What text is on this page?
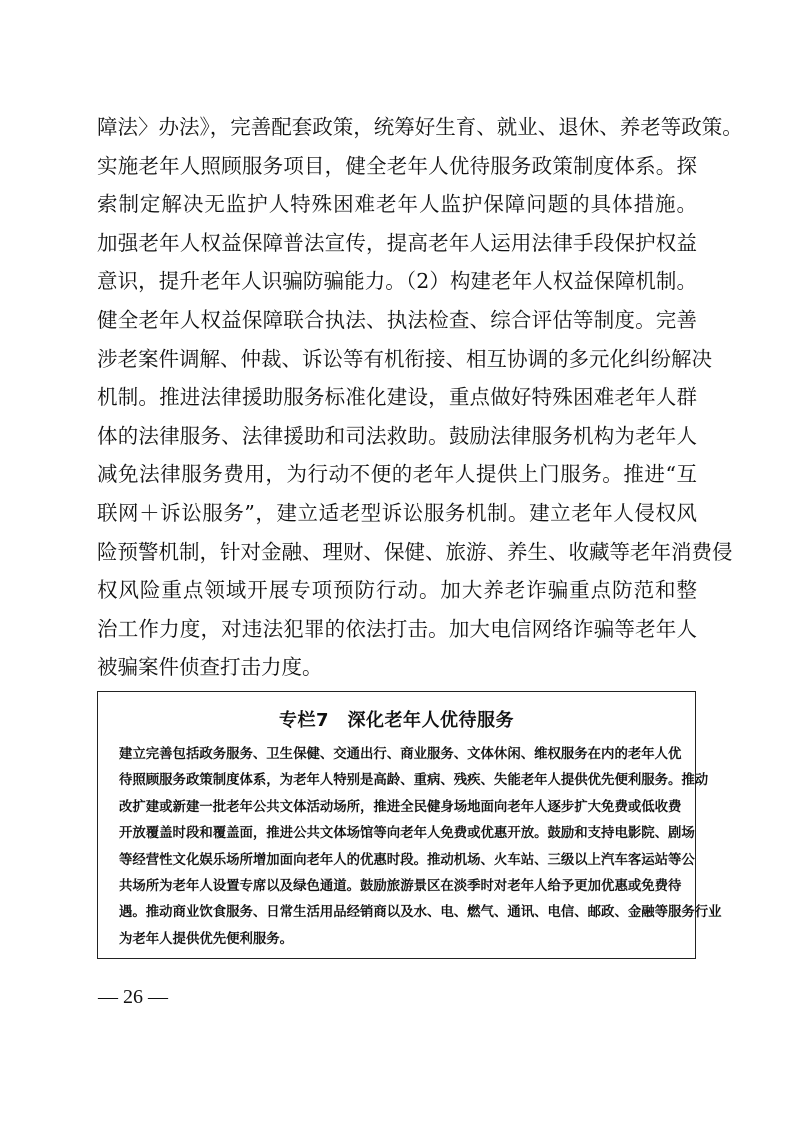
障法〉办法》，完善配套政策，统筹好生育、就业、退休、养老等政策。
实施老年人照顾服务项目，健全老年人优待服务政策制度体系。探
索制定解决无监护人特殊困难老年人监护保障问题的具体措施。
加强老年人权益保障普法宣传，提高老年人运用法律手段保护权益
意识，提升老年人识骗防骗能力。（2）构建老年人权益保障机制。
健全老年人权益保障联合执法、执法检查、综合评估等制度。完善
涉老案件调解、仲裁、诉讼等有机衔接、相互协调的多元化纠纷解决
机制。推进法律援助服务标准化建设，重点做好特殊困难老年人群
体的法律服务、法律援助和司法救助。鼓励法律服务机构为老年人
减免法律服务费用，为行动不便的老年人提供上门服务。推进“互
联网＋诉讼服务”，建立适老型诉讼服务机制。建立老年人侵权风
险预警机制，针对金融、理财、保健、旅游、养生、收藏等老年消费侵
权风险重点领域开展专项预防行动。加大养老诈骗重点防范和整
治工作力度，对违法犯罪的依法打击。加大电信网络诈骗等老年人
被骗案件侦查打击力度。
专栏7　深化老年人优待服务
建立完善包括政务服务、卫生保健、交通出行、商业服务、文体休闲、维权服务在内的老年人优
待照顾服务政策制度体系，为老年人特别是高龄、重病、残疾、失能老年人提供优先便利服务。推动
改扩建或新建一批老年公共文体活动场所，推进全民健身场地面向老年人逐步扩大免费或低收费
开放覆盖时段和覆盖面，推进公共文体场馆等向老年人免费或优惠开放。鼓励和支持电影院、剧场
等经营性文化娱乐场所增加面向老年人的优惠时段。推动机场、火车站、三级以上汽车客运站等公
共场所为老年人设置专席以及绿色通道。鼓励旅游景区在淡季时对老年人给予更加优惠或免费待
遇。推动商业饮食服务、日常生活用品经销商以及水、电、燃气、通讯、电信、邮政、金融等服务行业
为老年人提供优先便利服务。
— 26 —
